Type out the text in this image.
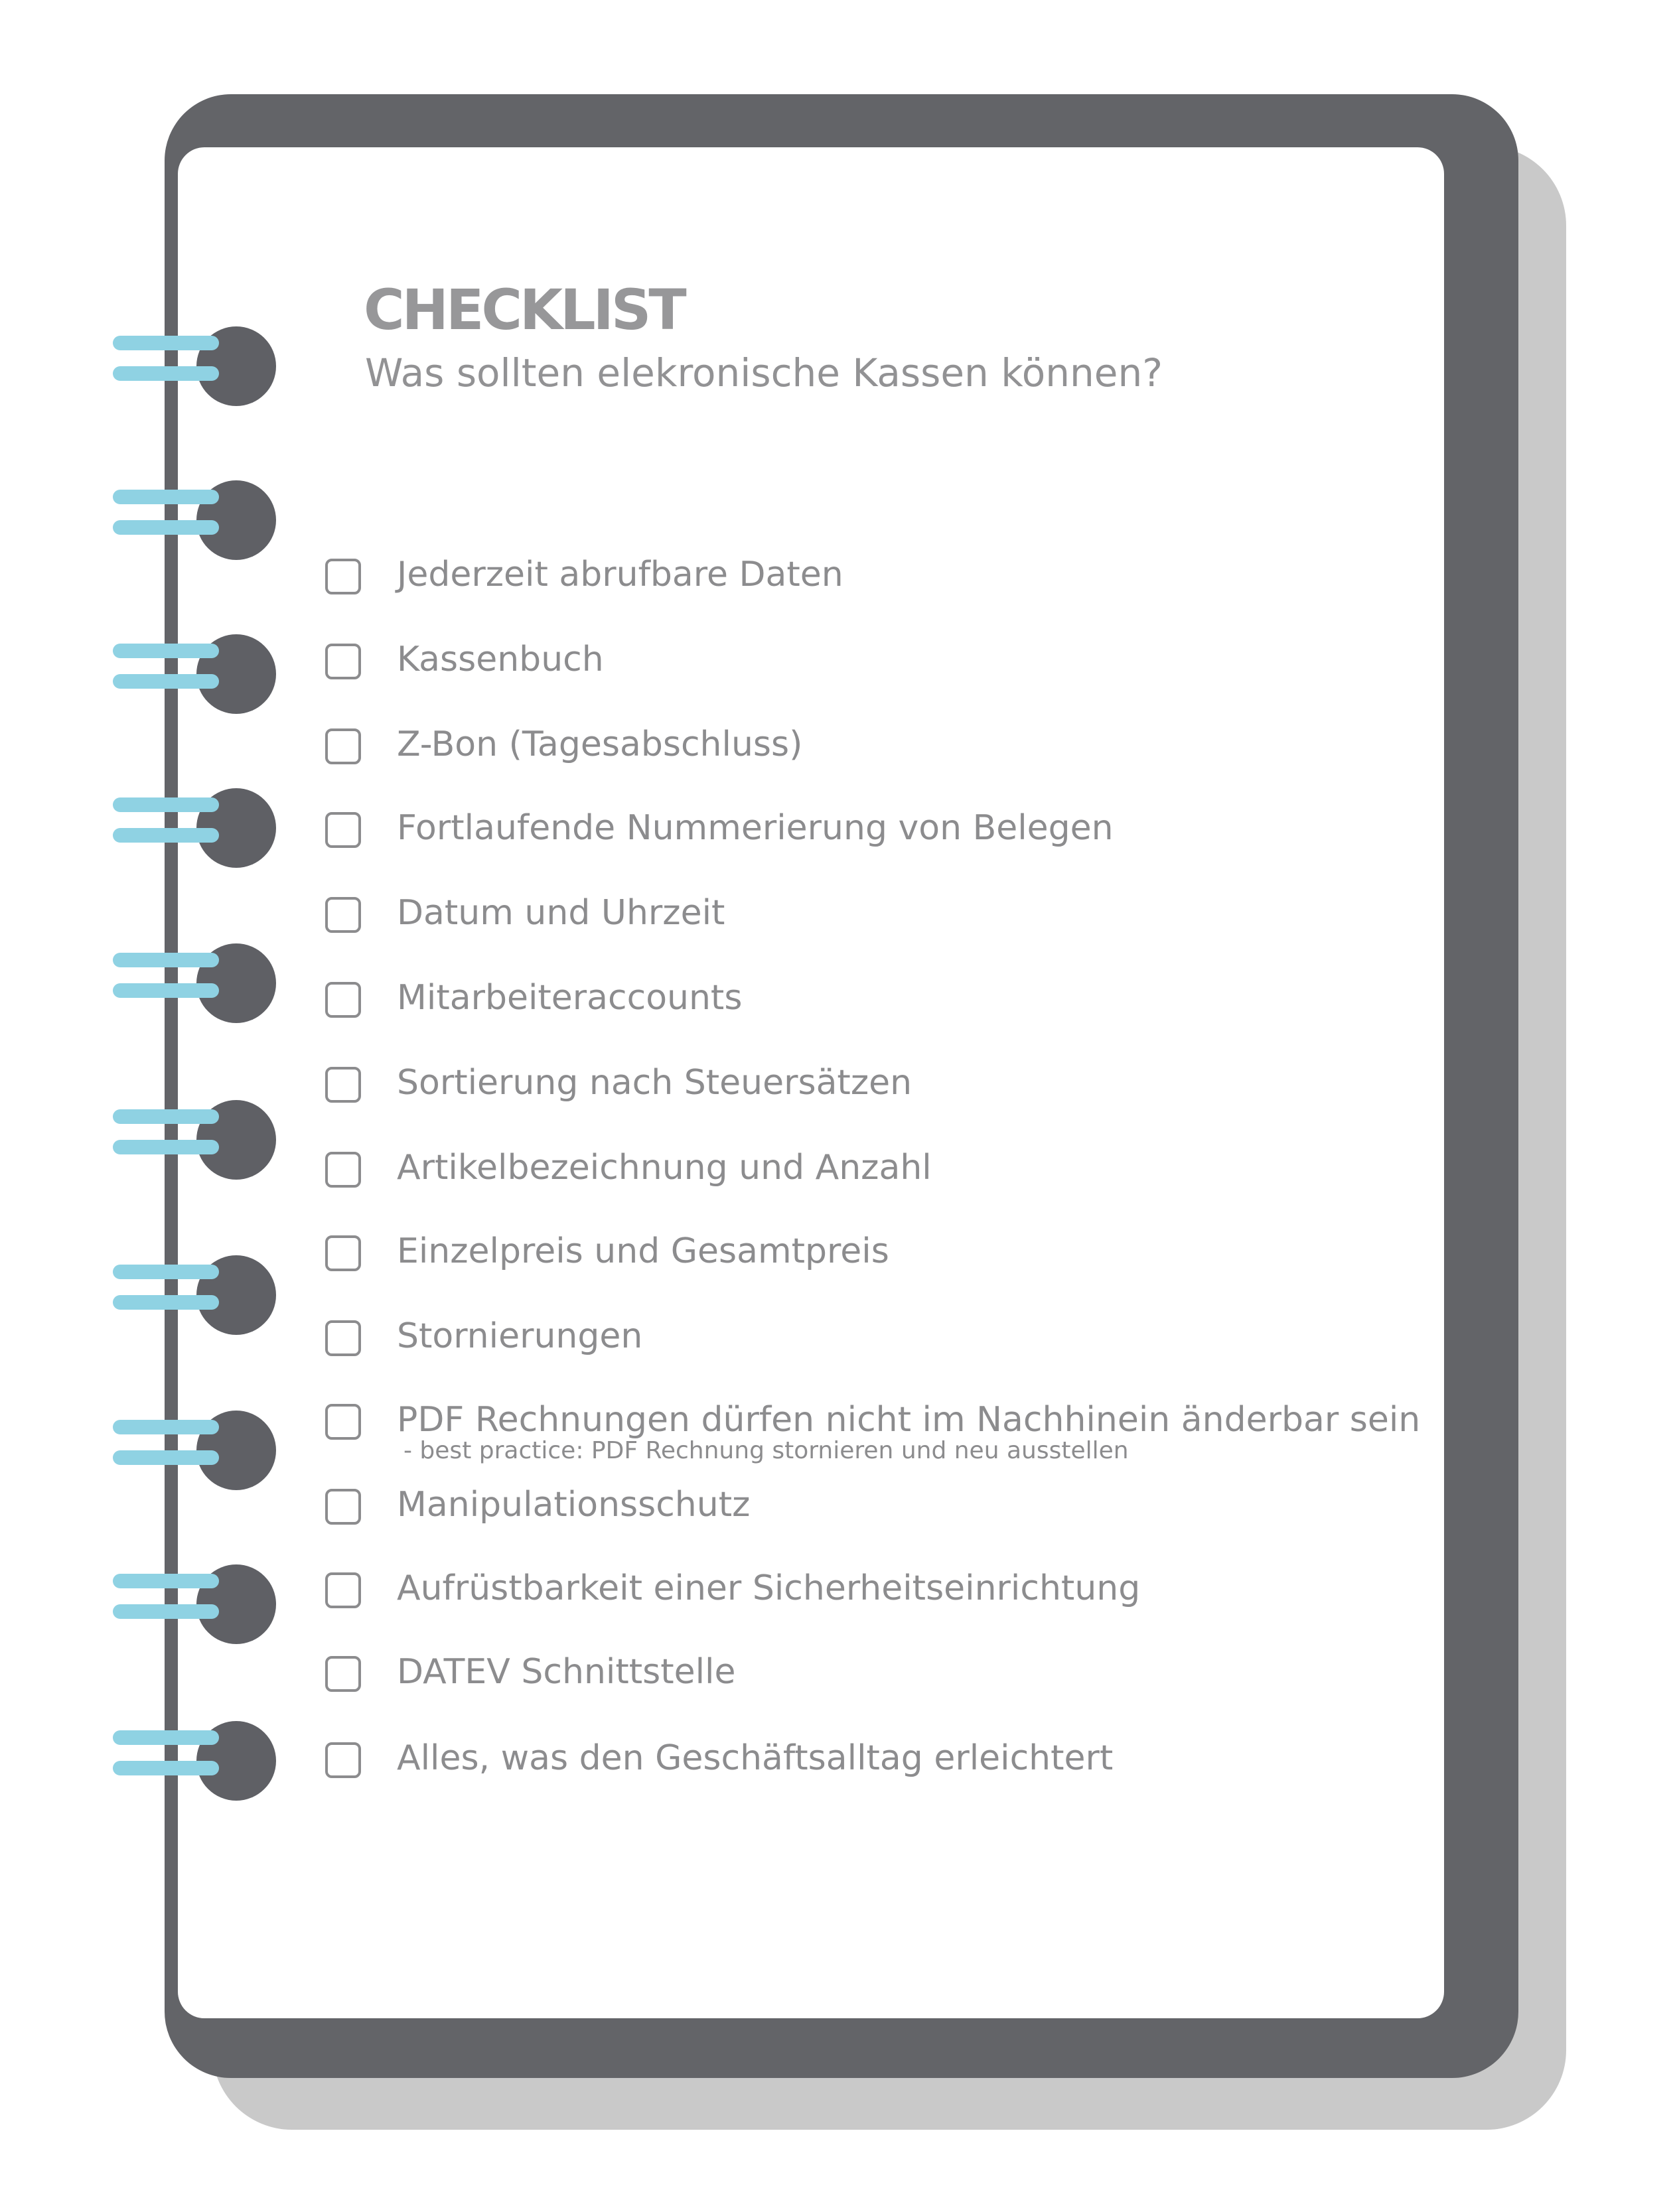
CHECKLIST
Was sollten elekronische Kassen können?
Jederzeit abrufbare Daten
Kassenbuch
Z-Bon (Tagesabschluss)
Fortlaufende Nummerierung von Belegen
Datum und Uhrzeit
Mitarbeiteraccounts
Sortierung nach Steuersätzen
Artikelbezeichnung und Anzahl
Einzelpreis und Gesamtpreis
Stornierungen
PDF Rechnungen dürfen nicht im Nachhinein änderbar sein
Manipulationsschutz
Aufrüstbarkeit einer Sicherheitseinrichtung
DATEV Schnittstelle
Alles, was den Geschäftsalltag erleichtert
- best practice: PDF Rechnung stornieren und neu ausstellen
